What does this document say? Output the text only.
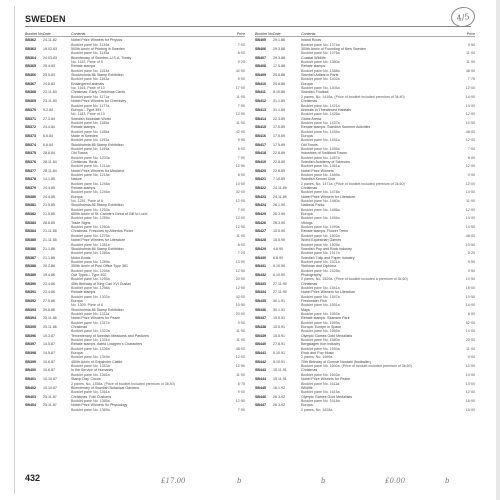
SWEDEN	4/5
Booklet No. Date	Contents	Price
SB362	24.11.82	Nobel Prize Winners for Physics
Booklet pane No. 1134a	7·00
SB363	19.02.83	500th Anniv of Printing in Sweden
Booklet pane No. 1145a	8·00
SB364	24.03.83	Bicentenary of Sweden–U.S.A. Treaty
No. 1152, Pane of 5	9·25
SB365	25.4.83	Rebate stamps
Booklet pane No. 1153a	42·00
SB366	25.5.83	Stockholmia 86 Stamp Exhibition
Booklet pane No. 1163a	9·00
SB367	24.8.83	Endangered animals
No. 1164, Pane of 10	17·00
SB368	23.11.83	Christmas. Early Christmas Cards
Booklet pane No. 1171a	11·00
SB369	23.11.83	Nobel Prize Winners for Chemistry
Booklet pane No. 1177a	7·50
SB370	9.2.84	Europa – Type 393
No. 1183, Pane of 10	12·50
SB371	27.3.84	Swedish Mountain World
Booklet pane No. 1185a	11·00
SB372	24.4.84	Rebate stamps
Booklet pane No. 1186a	42·00
SB373	6.6.84	Made in Sweden
Booklet pane No. 1193a	9·50
SB374	6.6.84	Stockholmia 86 Stamp Exhibition
Booklet pane No. 1199a	6·00
SB375	28.8.84	Old Towns
Booklet pane No. 1203a	7·00
SB376	28.11.84	Christmas. Birds
Booklet pane No. 1214a	12·50
SB377	28.11.84	Nobel Prize Winners for Medicine
Booklet pane No. 1218a	8·00
SB378	14.1.85	Nature
Booklet pane No. 1246a	10·00
SB379	24.4.85	Rebate stamps
Booklet pane No. 1246a	42·00
SB380	24.4.85	Europa
No. 1251, Pane of 6	12·00
SB381	21.5.85	Stockholmia 86 Stamp Exhibition
Booklet pane No. 1253a	7·00
SB382	21.5.85	800th Anniv of St. Canute's Deed of Gift to Lund
Booklet pane No. 1259a	12·00
SB383	28.8.85	Trade Signs
Booklet pane No. 1260a	12·50
SB384	21.11.85	Christmas. Frescoes by Albertus Pictor
Booklet pane No. 1276a	11·00
SB385	21.11.85	Nobel Prize Winners for Literature
Booklet pane No. 1281a	8·00
SB386	21.1.86	Stockholmia 86 Stamp Exhibition
Booklet pane No. 1285a	7·25
SB387	21.1.86	Motor Boats
Booklet pane No. 1289a	13·00
SB388	20.2.86	350th Anniv of Post Office Type 381
Booklet pane No. 1294a	12·50
SB389	19.4.86	Owl Types – Type 402
Booklet pane No. 1295a	20·00
SB390	23.4.86	40th Birthday of King Carl XVI Gustav
Booklet pane No. 1298a	12·50
SB391	23.4.86	Rebate stamps
Booklet pane No. 1302a	42·00
SB392	27.5.86	Europa
No. 1309, Pane of 6	10·50
SB393	29.8.86	Stockholmia 86 Stamp Exhibition
Booklet pane No. 1311a	20·00
SB394	25.11.86	Nobel Prize Winners for Peace
Booklet pane No. 1317a	9·00
SB395	25.11.86	Christmas
Booklet pane No. 1322a	11·50
SB396	10.3.87	Tercentenary of Swedish Meadows and Pastures
Booklet pane No. 1331a	11·00
SB397	14.5.87	Rebate stamps. Astrid Lindgren's Characters
Booklet pane No. 1336a	48·00
SB398	14.5.87	Europa
Booklet pane No. 1349a	12·00
SB399	10.6.87	450th Anniv of Gripsholm Castle
Booklet pane No. 1353a	12·50
SB400	10.6.87	In the Service of Humanity
Booklet pane No. 1361a	11·00
SB401	10.10.87	Stamp Day. Circus
2 panes, No. 1358a. (Price of booklet included premium of 36,40)	8·75
SB402	10.10.87	Bicentenary of Swedish Botanical Gardens
Booklet pane No. 1361a	9·00
SB403	25.11.87	Christmas. Folk Customs
Booklet pane No. 1365a	12·50
SB404	25.11.87	Nobel Prize Winners for Physiology
Booklet pane No. 1369a	7·50
Booklet No. Date	Contents	Price
SB405	29.1.88	Inland Roots
Booklet pane No. 1374a	9·50
SB406	29.3.88	300th Anniv of Founding of New Sweden
Booklet pane No. 1376a	11·00
SB407	29.3.88	Coastal Wildlife
Booklet pane No. 1380a	11·00
SB408	17.5.88	Rebate stamps
Booklet pane No. 1388a	48·00
SB409	25.8.88	Swedish Artists in Paris
Booklet pane No. 1402a	7·75
SB410	25.8.88	Europa
Booklet pane No. 1404a	12·00
SB411	8.10.88	Swedish Football
2 panes, No. 1416a. (Price of booklet included premium of 3k,40)	14·00
SB412	31.1.89	Christmas
Booklet pane No. 1421a	14·00
SB413	31.1.89	Animals in Threatened Habitats
Booklet pane No. 1425a	12·00
SB414	22.3.89	Globe Arena
Booklet pane No. 1437a	10·50
SB415	17.5.89	Rebate stamps. Swedish Summer Activities
Booklet pane No. 1439a	48·00
SB416	17.5.89	Europa
Booklet pane No. 1451a	12·00
SB417	17.5.89	Old Towns
Booklet pane No. 1455a	7·00
SB418	22.8.89	Industries of Småland Towns
Booklet pane No. 1457a	8·00
SB419	22.8.89	Swedish Academy of Sciences
Booklet pane No. 1461a	12·00
SB420	22.8.89	Nobel Prize Winners
Booklet pane No. 1469a	9·00
SB421	7.10.89	Swedish Kennel Club
2 panes, No. 1471a. (Price of booklet included premium of 3k,60)	12·00
SB422	24.11.89	Christmas
Booklet pane No. 1478a	14·00
SB423	24.11.89	Nobel Prize Winners for Literature
Booklet pane No. 1480a	11·00
SB424	26.1.90	National Parks
Booklet pane No. 1486a	12·00
SB425	26.3.90	Europa
Booklet pane No. 1494a	14·00
SB426	26.3.90	Vikings
Booklet pane No. 1499a	14·50
SB427	15.5.90	Rebate stamps. Flower Trees
Booklet pane No. 1502a	48·00
SB428	15.5.90	World Equestrian Games
Booklet pane No. 1509a	10·50
SB429	4.8.90	Swedish Pop and Rock Industry
Booklet pane No. 1517a	9·25
SB430	6.8.90	Swedish Tulip and Paper Industry
Booklet pane No. 1521a	9·50
SB431	6.10.90	Stellman and Diploma
Booklet pane No. 1525a	9·50
SB432	6.10.90	Photography
2 panes, No. 1529a. (Price of booklet included a premium of 3k,60)	10·50
SB433	27.11.90	Christmas
Booklet pane No. 1541a	18·00
SB434	27.11.90	Nobel Prize Winners for Literature
Booklet pane No. 1547a	10·50
SB435	30.1.91	Freshwater Fish
Booklet pane No. 1551a	14·00
SB436	30.1.91	Maps
Booklet pane No. 1553a	8·00
SB437	15.5.91	Rebate stamps. Skansen Park
Booklet pane No. 1559a	52·00
SB438	15.5.91	Europa. Europe in Space
Booklet pane No. 1565a	14·00
SB439	15.5.91	Olympic Games Gold Medallists
Booklet pane No. 1580a	20·00
SB440	27.8.91	Bergslagen Iron Industry
Booklet pane No. 1593a	11·00
SB441	5.10.91	Rock and Pop Music
2 panes, No. 1599a	9·00
SB442	5.10.91	70th Birthday of Gunnar Nordahl (footballer)
Booklet pane No. 1600a. (Price of booklet included premium of 3k,60)	10·00
SB443	15.11.91	Christmas
Booklet pane No. 1603a	14·00
SB444	15.11.91	Nobel Prize Winners for Peace
Booklet pane No. 1611a	13·00
SB445	16.1.92	Wildlife
Booklet pane No. 1615a	12·00
SB446	26.3.92	Olympic Games Gold Medallists
Booklet pane No. 1618a	16·00
SB447	26.3.92	Europa
2 panes, No. 1628a	18·00
432	£17.00	b	b	£0.00	b
